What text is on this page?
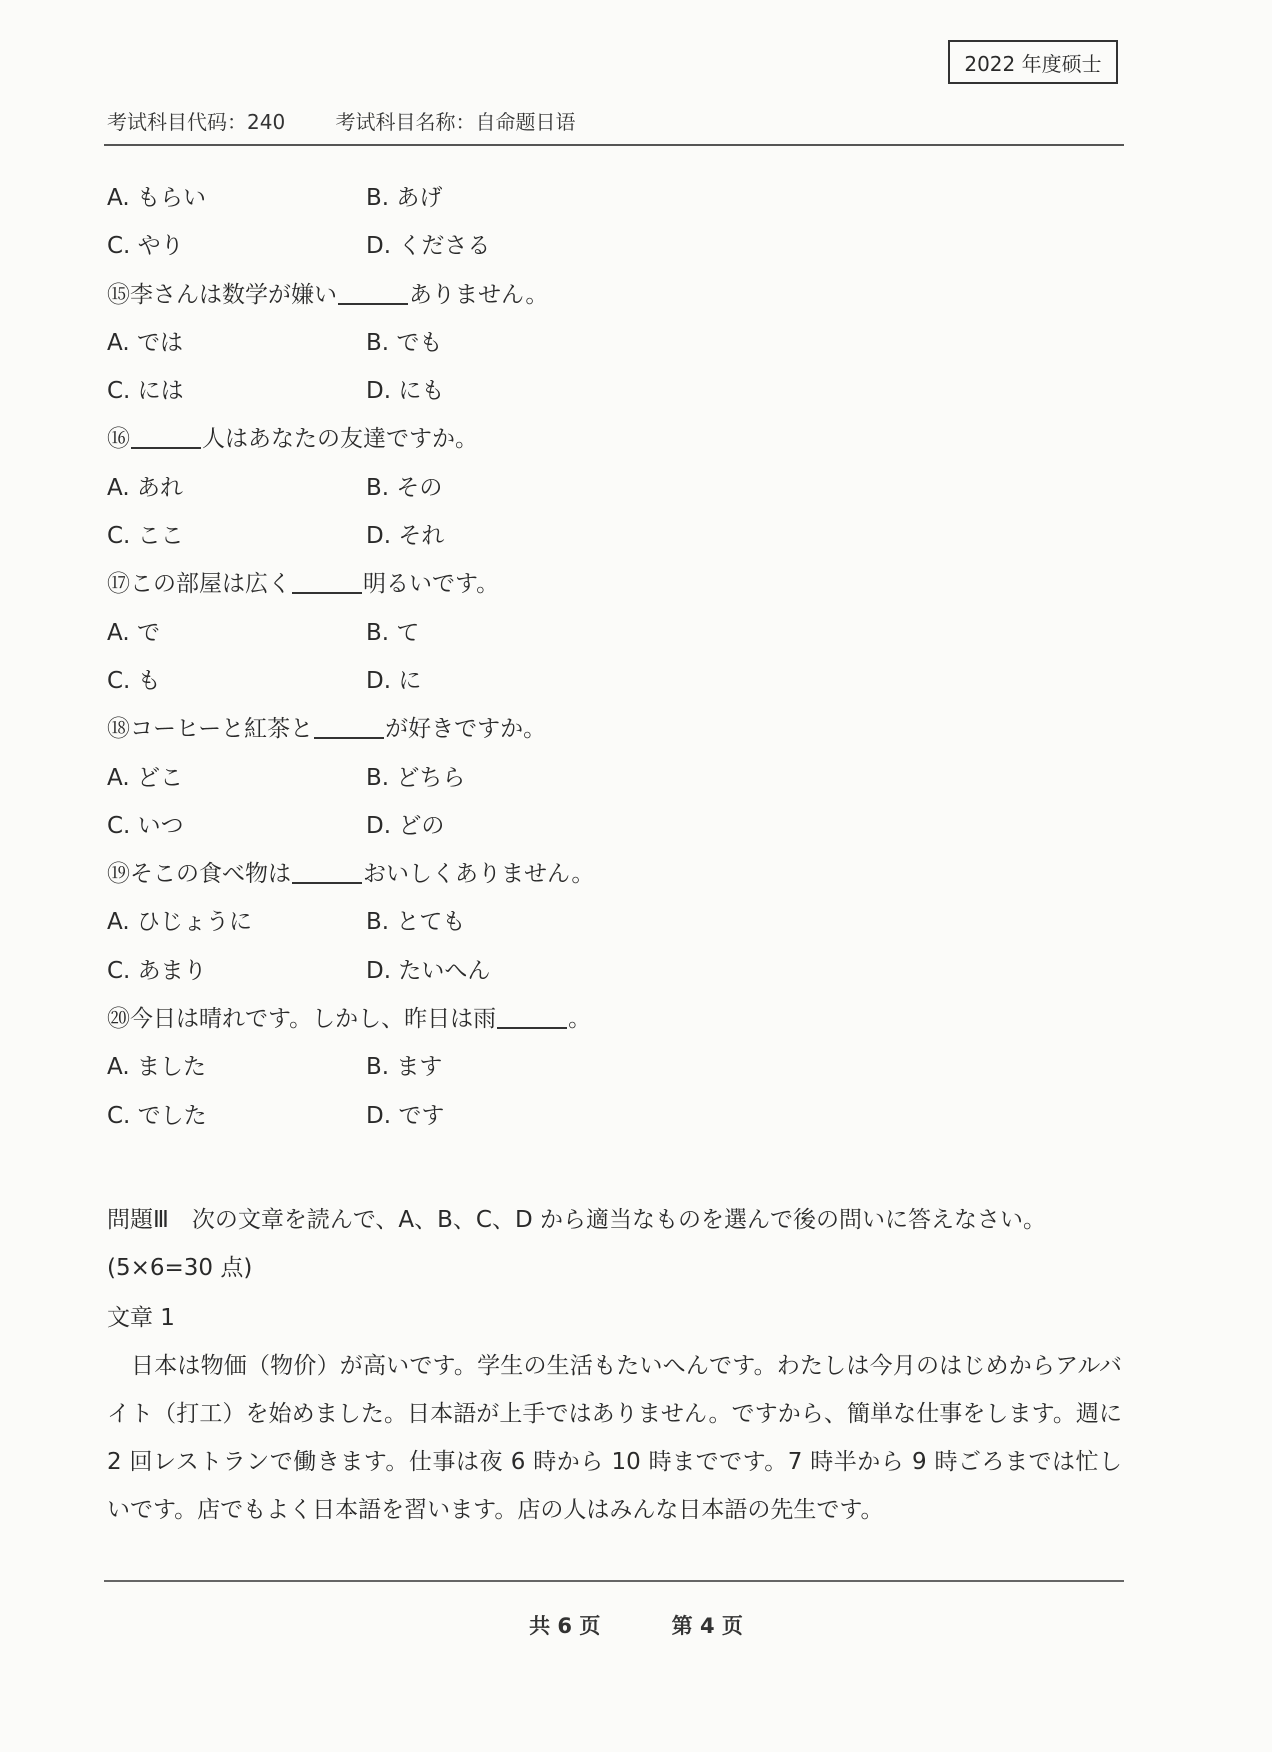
2022 年度硕士
考试科目代码：240	考试科目名称：自命题日语
A. もらい	B. あげ
C. やり	D. くださる
⑮李さんは数学が嫌い	ありません。
A. では	B. でも
C. には	D. にも
⑯	人はあなたの友達ですか。
A. あれ	B. その
C. ここ	D. それ
⑰この部屋は広く	明るいです。
A. で	B. て
C. も	D. に
⑱コーヒーと紅茶と	が好きですか。
A. どこ	B. どちら
C. いつ	D. どの
⑲そこの食べ物は	おいしくありません。
A. ひじょうに	B. とても
C. あまり	D. たいへん
⑳今日は晴れです。しかし、昨日は雨	。
A. ました	B. ます
C. でした	D. です
問題Ⅲ　次の文章を読んで、A、B、C、D から適当なものを選んで後の問いに答えなさい。(5×6=30 点)
文章 1
日本は物価（物价）が高いです。学生の生活もたいへんです。わたしは今月のはじめからアルバイト（打工）を始めました。日本語が上手ではありません。ですから、簡単な仕事をします。週に 2 回レストランで働きます。仕事は夜 6 時から 10 時までです。7 時半から 9 時ごろまでは忙しいです。店でもよく日本語を習います。店の人はみんな日本語の先生です。
共 6 页	第 4 页
